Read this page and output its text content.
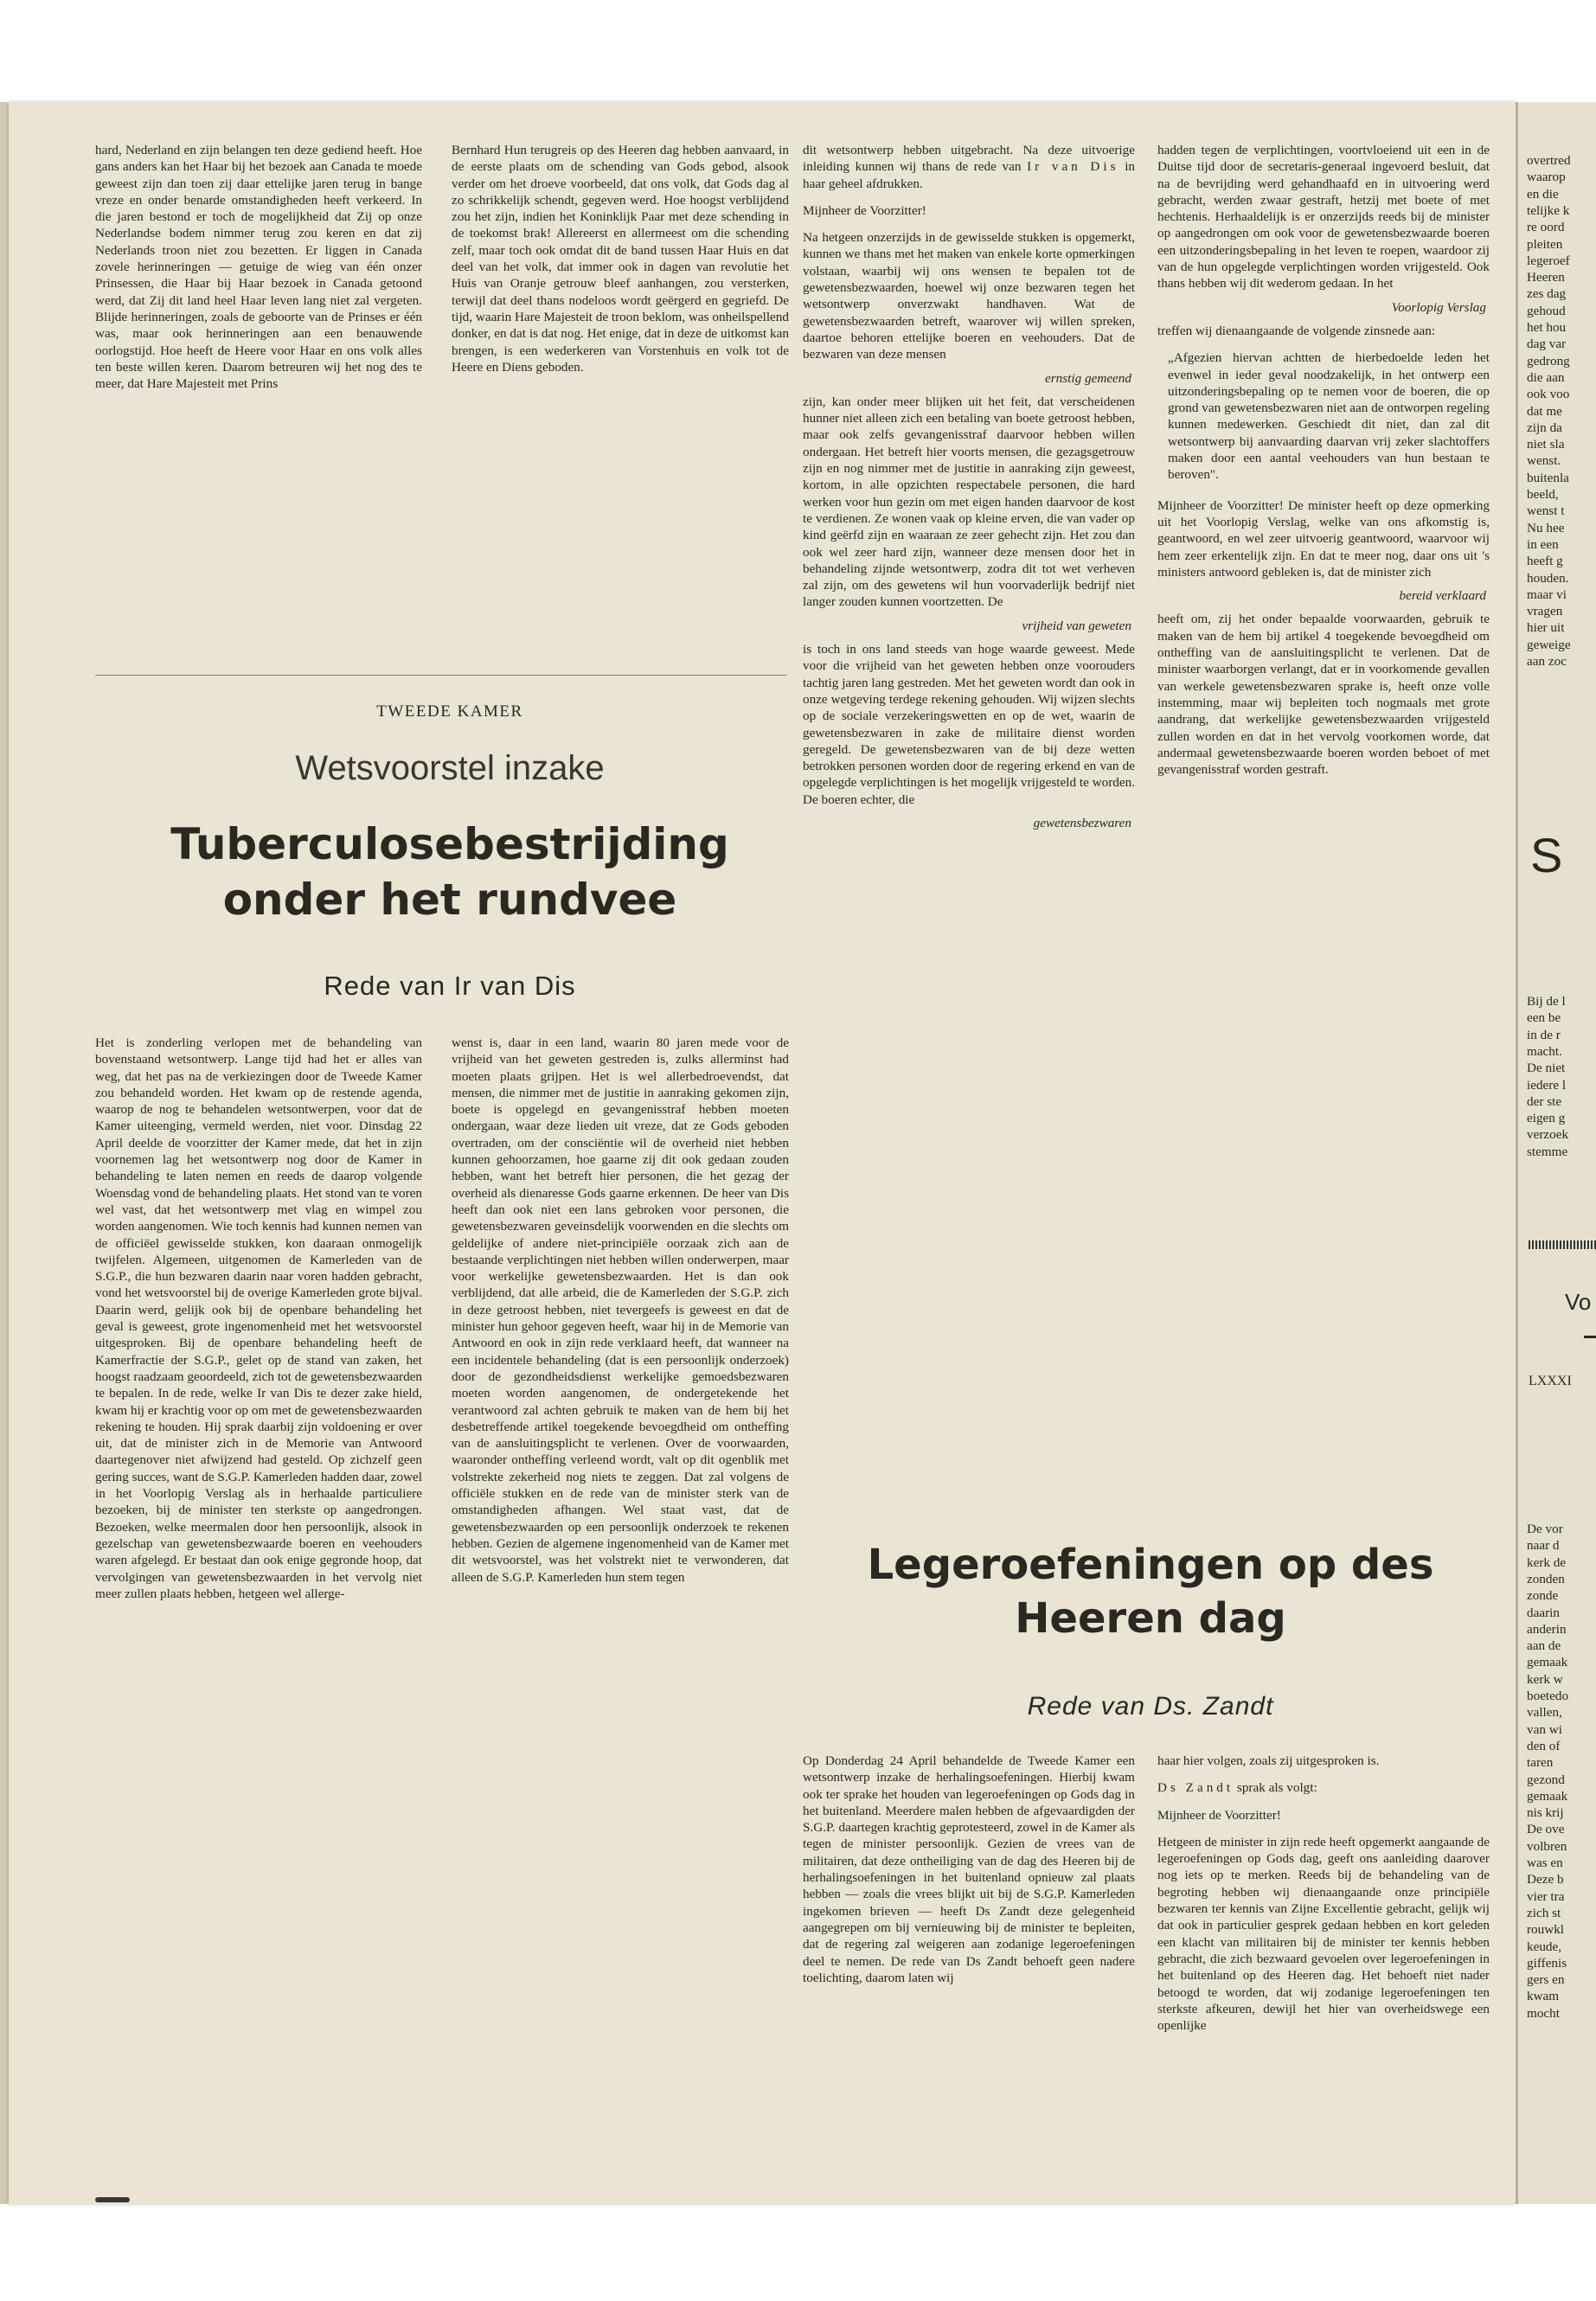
hard, Nederland en zijn belangen ten deze gediend heeft. Hoe gans anders kan het Haar bij het bezoek aan Canada te moede geweest zijn dan toen zij daar ettelijke jaren terug in bange vreze en onder benarde omstandigheden heeft verkeerd. In die jaren bestond er toch de mogelijkheid dat Zij op onze Nederlandse bodem nimmer terug zou keren en dat zij Nederlands troon niet zou bezetten. Er liggen in Canada zovele herinneringen — getuige de wieg van één onzer Prinsessen, die Haar bij Haar bezoek in Canada getoond werd, dat Zij dit land heel Haar leven lang niet zal vergeten. Blijde herinneringen, zoals de geboorte van de Prinses er één was, maar ook herinneringen aan een benauwende oorlogstijd. Hoe heeft de Heere voor Haar en ons volk alles ten beste willen keren. Daarom betreuren wij het nog des te meer, dat Hare Majesteit met Prins

Bernhard Hun terugreis op des Heeren dag hebben aanvaard, in de eerste plaats om de schending van Gods gebod, alsook verder om het droeve voorbeeld, dat ons volk, dat Gods dag al zo schrikkelijk schendt, gegeven werd. Hoe hoogst verblijdend zou het zijn, indien het Koninklijk Paar met deze schending in de toekomst brak! Allereerst en allermeest om die schending zelf, maar toch ook omdat dit de band tussen Haar Huis en dat deel van het volk, dat immer ook in dagen van revolutie het Huis van Oranje getrouw bleef aanhangen, zou versterken, terwijl dat deel thans nodeloos wordt geërgerd en gegriefd. De tijd, waarin Hare Majesteit de troon beklom, was onheilspellend donker, en dat is dat nog. Het enige, dat in deze de uitkomst kan brengen, is een wederkeren van Vorstenhuis en volk tot de Heere en Diens geboden.

TWEEDE KAMER
Wetsvoorstel inzake
Tuberculosebestrijding onder het rundvee
Rede van Ir van Dis

Het is zonderling verlopen met de behandeling van bovenstaand wetsontwerp. Lange tijd had het er alles van weg, dat het pas na de verkiezingen door de Tweede Kamer zou behandeld worden. Het kwam op de restende agenda, waarop de nog te behandelen wetsontwerpen, voor dat de Kamer uiteenging, vermeld werden, niet voor. Dinsdag 22 April deelde de voorzitter der Kamer mede, dat het in zijn voornemen lag het wetsontwerp nog door de Kamer in behandeling te laten nemen en reeds de daarop volgende Woensdag vond de behandeling plaats. Het stond van te voren wel vast, dat het wetsontwerp met vlag en wimpel zou worden aangenomen. Wie toch kennis had kunnen nemen van de officiëel gewisselde stukken, kon daaraan onmogelijk twijfelen. Algemeen, uitgenomen de Kamerleden van de S.G.P., die hun bezwaren daarin naar voren hadden gebracht, vond het wetsvoorstel bij de overige Kamerleden grote bijval. Daarin werd, gelijk ook bij de openbare behandeling het geval is geweest, grote ingenomenheid met het wetsvoorstel uitgesproken. Bij de openbare behandeling heeft de Kamerfractie der S.G.P., gelet op de stand van zaken, het hoogst raadzaam geoordeeld, zich tot de gewetensbezwaarden te bepalen. In de rede, welke Ir van Dis te dezer zake hield, kwam hij er krachtig voor op om met de gewetensbezwaarden rekening te houden. Hij sprak daarbij zijn voldoening er over uit, dat de minister zich in de Memorie van Antwoord daartegenover niet afwijzend had gesteld. Op zichzelf geen gering succes, want de S.G.P. Kamerleden hadden daar, zowel in het Voorlopig Verslag als in herhaalde particuliere bezoeken, bij de minister ten sterkste op aangedrongen. Bezoeken, welke meermalen door hen persoonlijk, alsook in gezelschap van gewetensbezwaarde boeren en veehouders waren afgelegd. Er bestaat dan ook enige gegronde hoop, dat vervolgingen van gewetensbezwaarden in het vervolg niet meer zullen plaats hebben, hetgeen wel allerge-

wenst is, daar in een land, waarin 80 jaren mede voor de vrijheid van het geweten gestreden is, zulks allerminst had moeten plaats grijpen. Het is wel allerbedroevendst, dat mensen, die nimmer met de justitie in aanraking gekomen zijn, boete is opgelegd en gevangenisstraf hebben moeten ondergaan, waar deze lieden uit vreze, dat ze Gods geboden overtraden, om der consciëntie wil de overheid niet hebben kunnen gehoorzamen, hoe gaarne zij dit ook gedaan zouden hebben, want het betreft hier personen, die het gezag der overheid als dienaresse Gods gaarne erkennen. De heer van Dis heeft dan ook niet een lans gebroken voor personen, die gewetensbezwaren geveinsdelijk voorwenden en die slechts om geldelijke of andere niet-principiële oorzaak zich aan de bestaande verplichtingen niet hebben willen onderwerpen, maar voor werkelijke gewetensbezwaarden. Het is dan ook verblijdend, dat alle arbeid, die de Kamerleden der S.G.P. zich in deze getroost hebben, niet tevergeefs is geweest en dat de minister hun gehoor gegeven heeft, waar hij in de Memorie van Antwoord en ook in zijn rede verklaard heeft, dat wanneer na een incidentele behandeling (dat is een persoonlijk onderzoek) door de gezondheidsdienst werkelijke gemoedsbezwaren moeten worden aangenomen, de ondergetekende het verantwoord zal achten gebruik te maken van de hem bij het desbetreffende artikel toegekende bevoegdheid om ontheffing van de aansluitingsplicht te verlenen. Over de voorwaarden, waaronder ontheffing verleend wordt, valt op dit ogenblik met volstrekte zekerheid nog niets te zeggen. Dat zal volgens de officiële stukken en de rede van de minister sterk van de omstandigheden afhangen. Wel staat vast, dat de gewetensbezwaarden op een persoonlijk onderzoek te rekenen hebben. Gezien de algemene ingenomenheid van de Kamer met dit wetsvoorstel, was het volstrekt niet te verwonderen, dat alleen de S.G.P. Kamerleden hun stem tegen

dit wetsontwerp hebben uitgebracht. Na deze uitvoerige inleiding kunnen wij thans de rede van Ir van Dis in haar geheel afdrukken.

Mijnheer de Voorzitter!

Na hetgeen onzerzijds in de gewisselde stukken is opgemerkt, kunnen we thans met het maken van enkele korte opmerkingen volstaan, waarbij wij ons wensen te bepalen tot de gewetensbezwaarden, hoewel wij onze bezwaren tegen het wetsontwerp onverzwakt handhaven. Wat de gewetensbezwaarden betreft, waarover wij willen spreken, daartoe behoren ettelijke boeren en veehouders. Dat de bezwaren van deze mensen

ernstig gemeend

zijn, kan onder meer blijken uit het feit, dat verscheidenen hunner niet alleen zich een betaling van boete getroost hebben, maar ook zelfs gevangenisstraf daarvoor hebben willen ondergaan. Het betreft hier voorts mensen, die gezagsgetrouw zijn en nog nimmer met de justitie in aanraking zijn geweest, kortom, in alle opzichten respectabele personen, die hard werken voor hun gezin om met eigen handen daarvoor de kost te verdienen. Ze wonen vaak op kleine erven, die van vader op kind geërfd zijn en waaraan ze zeer gehecht zijn. Het zou dan ook wel zeer hard zijn, wanneer deze mensen door het in behandeling zijnde wetsontwerp, zodra dit tot wet verheven zal zijn, om des gewetens wil hun voorvaderlijk bedrijf niet langer zouden kunnen voortzetten. De

vrijheid van geweten

is toch in ons land steeds van hoge waarde geweest. Mede voor die vrijheid van het geweten hebben onze voorouders tachtig jaren lang gestreden. Met het geweten wordt dan ook in onze wetgeving terdege rekening gehouden. Wij wijzen slechts op de sociale verzekeringswetten en op de wet, waarin de gewetensbezwaren in zake de militaire dienst worden geregeld. De gewetensbezwaren van de bij deze wetten betrokken personen worden door de regering erkend en van de opgelegde verplichtingen is het mogelijk vrijgesteld te worden. De boeren echter, die

gewetensbezwaren

hadden tegen de verplichtingen, voortvloeiend uit een in de Duitse tijd door de secretaris-generaal ingevoerd besluit, dat na de bevrijding werd gehandhaafd en in uitvoering werd gebracht, werden zwaar gestraft, hetzij met boete of met hechtenis. Herhaaldelijk is er onzerzijds reeds bij de minister op aangedrongen om ook voor de gewetensbezwaarde boeren een uitzonderingsbepaling in het leven te roepen, waardoor zij van de hun opgelegde verplichtingen worden vrijgesteld. Ook thans hebben wij dit wederom gedaan. In het

Voorlopig Verslag

treffen wij dienaangaande de volgende zinsnede aan:

„Afgezien hiervan achtten de hierbedoelde leden het evenwel in ieder geval noodzakelijk, in het ontwerp een uitzonderingsbepaling op te nemen voor de boeren, die op grond van gewetensbezwaren niet aan de ontworpen regeling kunnen medewerken. Geschiedt dit niet, dan zal dit wetsontwerp bij aanvaarding daarvan vrij zeker slachtoffers maken door een aantal veehouders van hun bestaan te beroven".

Mijnheer de Voorzitter! De minister heeft op deze opmerking uit het Voorlopig Verslag, welke van ons afkomstig is, geantwoord, en wel zeer uitvoerig geantwoord, waarvoor wij hem zeer erkentelijk zijn. En dat te meer nog, daar ons uit 's ministers antwoord gebleken is, dat de minister zich

bereid verklaard

heeft om, zij het onder bepaalde voorwaarden, gebruik te maken van de hem bij artikel 4 toegekende bevoegdheid om ontheffing van de aansluitingsplicht te verlenen. Dat de minister waarborgen verlangt, dat er in voorkomende gevallen van werkele gewetensbezwaren sprake is, heeft onze volle instemming, maar wij bepleiten toch nogmaals met grote aandrang, dat werkelijke gewetensbezwaarden vrijgesteld zullen worden en dat in het vervolg voorkomen worde, dat andermaal gewetensbezwaarde boeren worden beboet of met gevangenisstraf worden gestraft.

Legeroefeningen op des Heeren dag
Rede van Ds. Zandt

Op Donderdag 24 April behandelde de Tweede Kamer een wetsontwerp inzake de herhalingsoefeningen. Hierbij kwam ook ter sprake het houden van legeroefeningen op Gods dag in het buitenland. Meerdere malen hebben de afgevaardigden der S.G.P. daartegen krachtig geprotesteerd, zowel in de Kamer als tegen de minister persoonlijk. Gezien de vrees van de militairen, dat deze ontheiliging van de dag des Heeren bij de herhalingsoefeningen in het buitenland opnieuw zal plaats hebben — zoals die vrees blijkt uit bij de S.G.P. Kamerleden ingekomen brieven — heeft Ds Zandt deze gelegenheid aangegrepen om bij vernieuwing bij de minister te bepleiten, dat de regering zal weigeren aan zodanige legeroefeningen deel te nemen. De rede van Ds Zandt behoeft geen nadere toelichting, daarom laten wij

haar hier volgen, zoals zij uitgesproken is.

Ds Zandt sprak als volgt:

Mijnheer de Voorzitter!

Hetgeen de minister in zijn rede heeft opgemerkt aangaande de legeroefeningen op Gods dag, geeft ons aanleiding daarover nog iets op te merken. Reeds bij de behandeling van de begroting hebben wij dienaangaande onze principiële bezwaren ter kennis van Zijne Excellentie gebracht, gelijk wij dat ook in particulier gesprek gedaan hebben en kort geleden een klacht van militairen bij de minister ter kennis hebben gebracht, die zich bezwaard gevoelen over legeroefeningen in het buitenland op des Heeren dag. Het behoeft niet nader betoogd te worden, dat wij zodanige legeroefeningen ten sterkste afkeuren, dewijl het hier van overheidswege een openlijke

overtred
waarop
en die
telijke k
re oord
pleiten
legeroef
Heeren
zes dag
gehoud
het hou
dag var
gedrong
die aan
ook voo
dat me
zijn da
niet sla
wenst.
buitenla
beeld,
wenst t
Nu hee
in een
heeft g
houden.
maar vi
vragen
hier uit
geweige
aan zoc
S
Bij de l
een be
in de r
macht.
De niet
iedere l
der ste
eigen g
verzoek
stemme
Vo
LXXXI
De vor
naar d
kerk de
zonden
zonde
daarin
anderin
aan de
gemaak
kerk w
boetedo
vallen,
van wi
den of
taren
gezond
gemaak
nis krij
De ove
volbren
was en
Deze b
vier tra
zich st
rouwkl
keude,
giffenis
gers en
kwam
mocht
